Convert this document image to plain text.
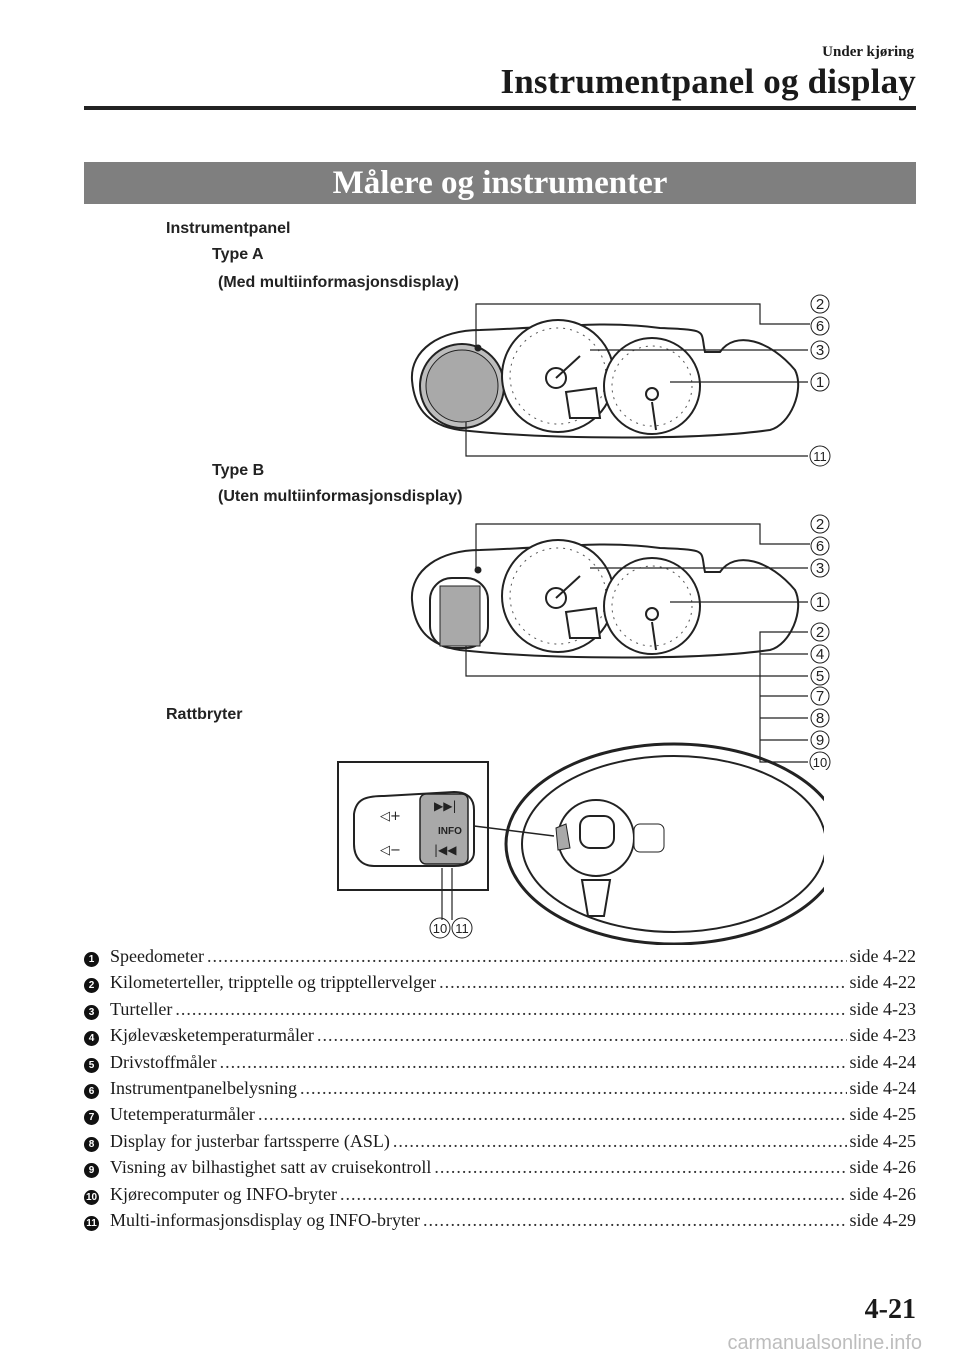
Under kjøring
Instrumentpanel og display
Målere og instrumenter
Instrumentpanel
Type A
(Med multiinformasjonsdisplay)
2
6
3
1
11
Type B
(Uten multiinformasjonsdisplay)
2
6
3
1
2
4
5
7
8
9
10
Rattbryter
INFO
▶▶|
|◀◀
◁+
◁−
10 11
1 Speedometer .....	side 4-22
2 Kilometerteller, tripptelle og tripptellervelger .....	side 4-22
3 Turteller .....	side 4-23
4 Kjølevæsketemperaturmåler .....	side 4-23
5 Drivstoffmåler .....	side 4-24
6 Instrumentpanelbelysning .....	side 4-24
7 Utetemperaturmåler .....	side 4-25
8 Display for justerbar fartssperre (ASL) .....	side 4-25
9 Visning av bilhastighet satt av cruisekontroll .....	side 4-26
10 Kjørecomputer og INFO-bryter .....	side 4-26
11 Multi-informasjonsdisplay og INFO-bryter .....	side 4-29
4-21
carmanualsonline.info
